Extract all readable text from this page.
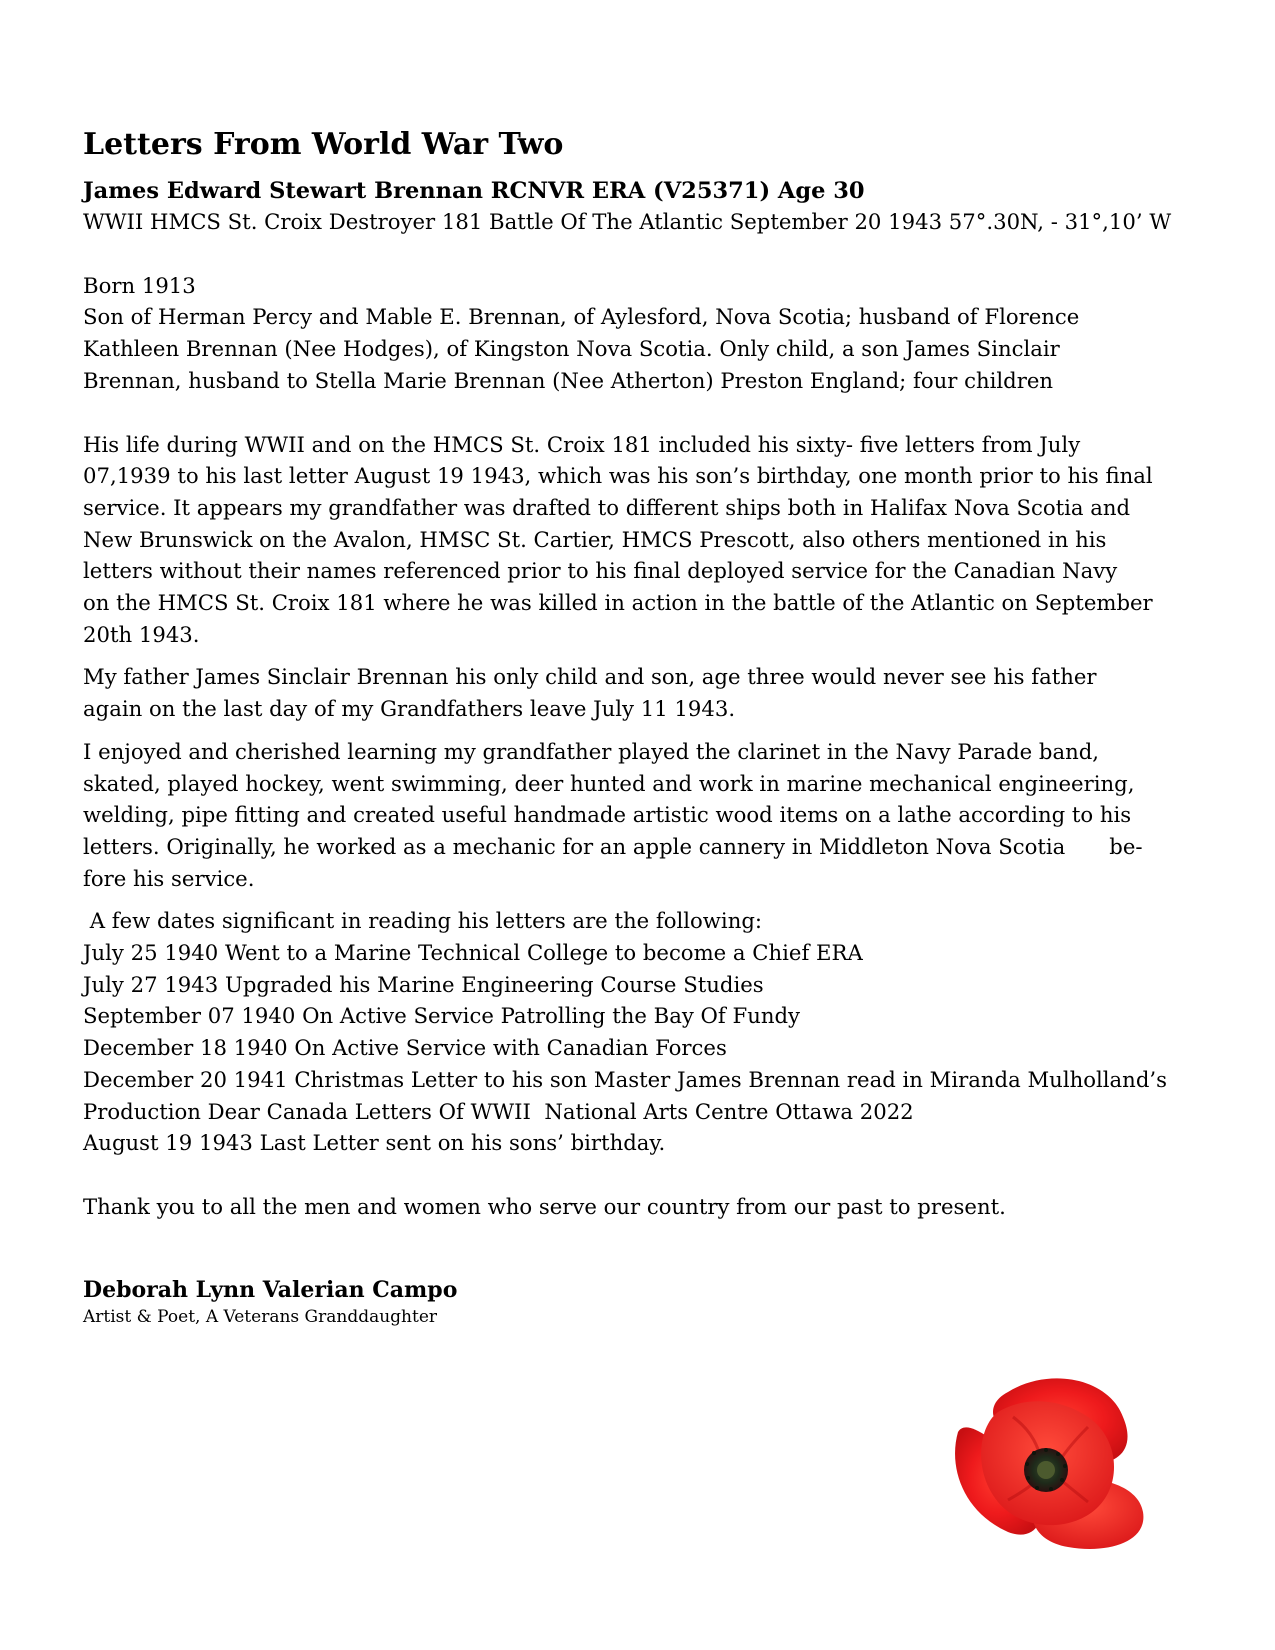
Letters From World War Two

James Edward Stewart Brennan RCNVR ERA (V25371) Age 30

WWII HMCS St. Croix Destroyer 181 Battle Of The Atlantic September 20 1943 57°.30N, - 31°,10’ W

Born 1913

Son of Herman Percy and Mable E. Brennan, of Aylesford, Nova Scotia; husband of Florence

Kathleen Brennan (Nee Hodges), of Kingston Nova Scotia. Only child, a son James Sinclair

Brennan, husband to Stella Marie Brennan (Nee Atherton) Preston England; four children

His life during WWII and on the HMCS St. Croix 181 included his sixty- five letters from July

07,1939 to his last letter August 19 1943, which was his son’s birthday, one month prior to his final

service. It appears my grandfather was drafted to different ships both in Halifax Nova Scotia and

New Brunswick on the Avalon, HMSC St. Cartier, HMCS Prescott, also others mentioned in his

letters without their names referenced prior to his final deployed service for the Canadian Navy

on the HMCS St. Croix 181 where he was killed in action in the battle of the Atlantic on September

20th 1943.

My father James Sinclair Brennan his only child and son, age three would never see his father

again on the last day of my Grandfathers leave July 11 1943.

I enjoyed and cherished learning my grandfather played the clarinet in the Navy Parade band,

skated, played hockey, went swimming, deer hunted and work in marine mechanical engineering,

welding, pipe fitting and created useful handmade artistic wood items on a lathe according to his

letters. Originally, he worked as a mechanic for an apple cannery in Middleton Nova Scotia be-

fore his service.

A few dates significant in reading his letters are the following:

July 25 1940 Went to a Marine Technical College to become a Chief ERA

July 27 1943 Upgraded his Marine Engineering Course Studies

September 07 1940 On Active Service Patrolling the Bay Of Fundy

December 18 1940 On Active Service with Canadian Forces

December 20 1941 Christmas Letter to his son Master James Brennan read in Miranda Mulholland’s

Production Dear Canada Letters Of WWII  National Arts Centre Ottawa 2022

August 19 1943 Last Letter sent on his sons’ birthday.

Thank you to all the men and women who serve our country from our past to present.

Deborah Lynn Valerian Campo

Artist & Poet, A Veterans Granddaughter
